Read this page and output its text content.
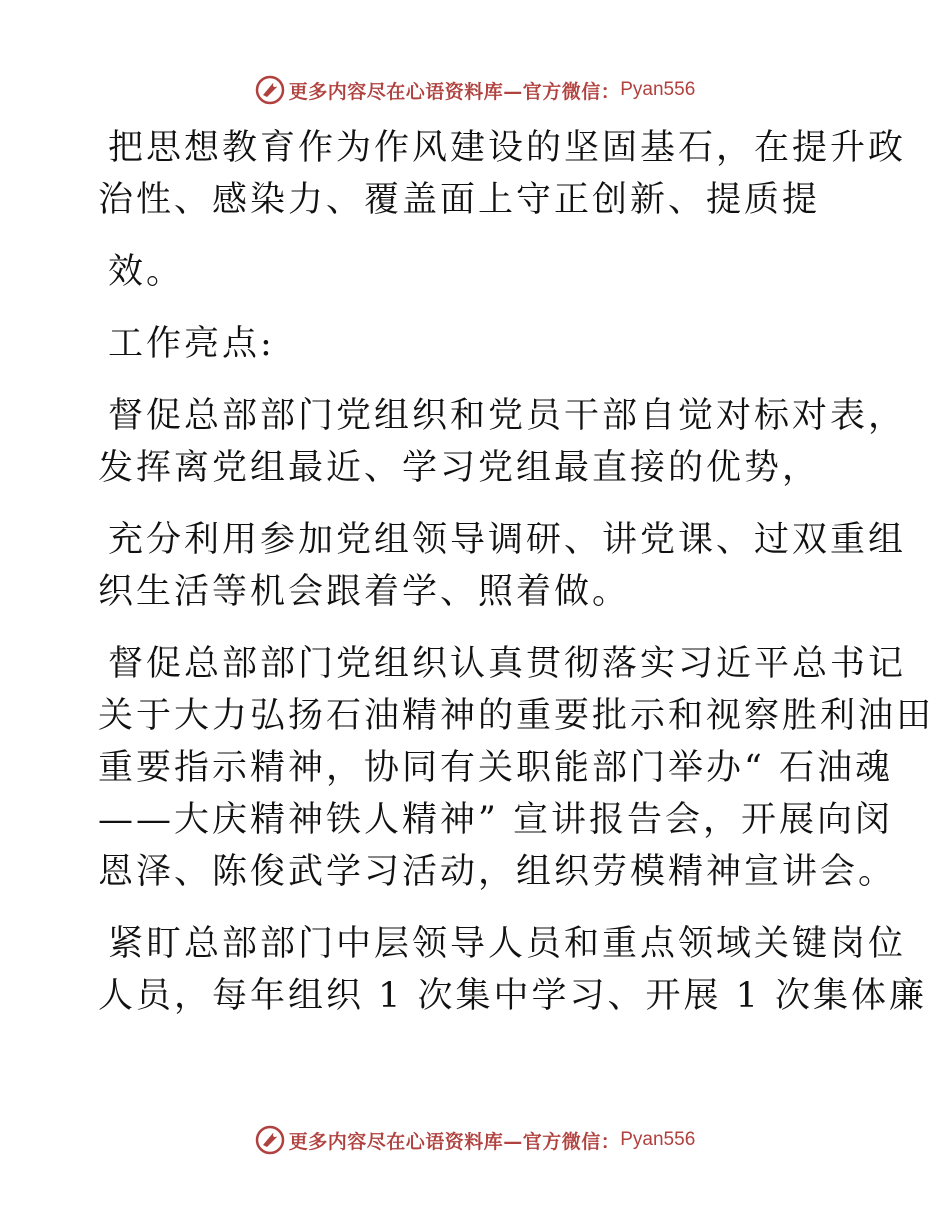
更多内容尽在心语资料库—官方微信： Pyan556

把思想教育作为作风建设的坚固基石，在提升政
治性、感染力、覆盖面上守正创新、提质提

效。

工作亮点:

督促总部部门党组织和党员干部自觉对标对表，
发挥离党组最近、学习党组最直接的优势，

充分利用参加党组领导调研、讲党课、过双重组
织生活等机会跟着学、照着做。

督促总部部门党组织认真贯彻落实习近平总书记
关于大力弘扬石油精神的重要批示和视察胜利油田
重要指示精神，协同有关职能部门举办“ 石油魂
——大庆精神铁人精神” 宣讲报告会，开展向闵
恩泽、陈俊武学习活动，组织劳模精神宣讲会。

紧盯总部部门中层领导人员和重点领域关键岗位
人员，每年组织 1 次集中学习、开展 1 次集体廉

更多内容尽在心语资料库—官方微信： Pyan556
